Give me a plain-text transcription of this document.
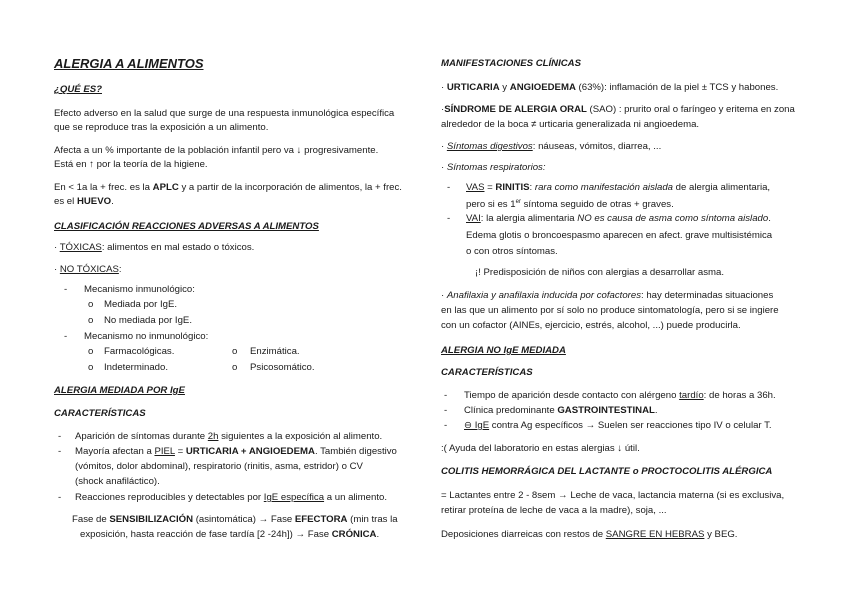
ALERGIA A ALIMENTOS
¿QUÉ ES?
Efecto adverso en la salud que surge de una respuesta inmunológica específica
que se reproduce tras la exposición a un alimento.
Afecta a un % importante de la población infantil pero va ↓ progresivamente.
Está en ↑ por la teoría de la higiene.
En < 1a la + frec. es la APLC y a partir de la incorporación de alimentos, la + frec.
es el HUEVO.
CLASIFICACIÓN REACCIONES ADVERSAS A ALIMENTOS
· TÓXICAS: alimentos en mal estado o tóxicos.
· NO TÓXICAS:
- Mecanismo inmunológico:
o Mediada por IgE.
o No mediada por IgE.
- Mecanismo no inmunológico:
o Farmacológicas.	o Enzimática.
o Indeterminado.	o Psicosomático.
ALERGIA MEDIADA POR IgE
CARACTERÍSTICAS
- Aparición de síntomas durante 2h siguientes a la exposición al alimento.
- Mayoría afectan a PIEL = URTICARIA + ANGIOEDEMA. También digestivo
(vómitos, dolor abdominal), respiratorio (rinitis, asma, estridor) o CV
(shock anafiláctico).
- Reacciones reproducibles y detectables por IgE específica a un alimento.
Fase de SENSIBILIZACIÓN (asintomática) → Fase EFECTORA (min tras la
exposición, hasta reacción de fase tardía [2 -24h]) → Fase CRÓNICA.
MANIFESTACIONES CLÍNICAS
· URTICARIA y ANGIOEDEMA (63%): inflamación de la piel ± TCS y habones.
·SÍNDROME DE ALERGIA ORAL (SAO) : prurito oral o faríngeo y eritema en zona
alrededor de la boca ≠ urticaria generalizada ni angioedema.
· Síntomas digestivos: náuseas, vómitos, diarrea, ...
· Síntomas respiratorios:
- VAS = RINITIS: rara como manifestación aislada de alergia alimentaria,
pero si es 1er síntoma seguido de otras + graves.
- VAI: la alergia alimentaria NO es causa de asma como síntoma aislado.
Edema glotis o broncoespasmo aparecen en afect. grave multisistémica
o con otros síntomas.
¡! Predisposición de niños con alergias a desarrollar asma.
· Anafilaxia y anafilaxia inducida por cofactores: hay determinadas situaciones
en las que un alimento por sí solo no produce sintomatología, pero si se ingiere
con un cofactor (AINEs, ejercicio, estrés, alcohol, ...) puede producirla.
ALERGIA NO IgE MEDIADA
CARACTERÍSTICAS
- Tiempo de aparición desde contacto con alérgeno tardío: de horas a 36h.
- Clínica predominante GASTROINTESTINAL.
- ⊖ IgE contra Ag específicos → Suelen ser reacciones tipo IV o celular T.
:( Ayuda del laboratorio en estas alergias ↓ útil.
COLITIS HEMORRÁGICA DEL LACTANTE o PROCTOCOLITIS ALÉRGICA
= Lactantes entre 2 - 8sem → Leche de vaca, lactancia materna (si es exclusiva,
retirar proteína de leche de vaca a la madre), soja, ...
Deposiciones diarreicas con restos de SANGRE EN HEBRAS y BEG.
